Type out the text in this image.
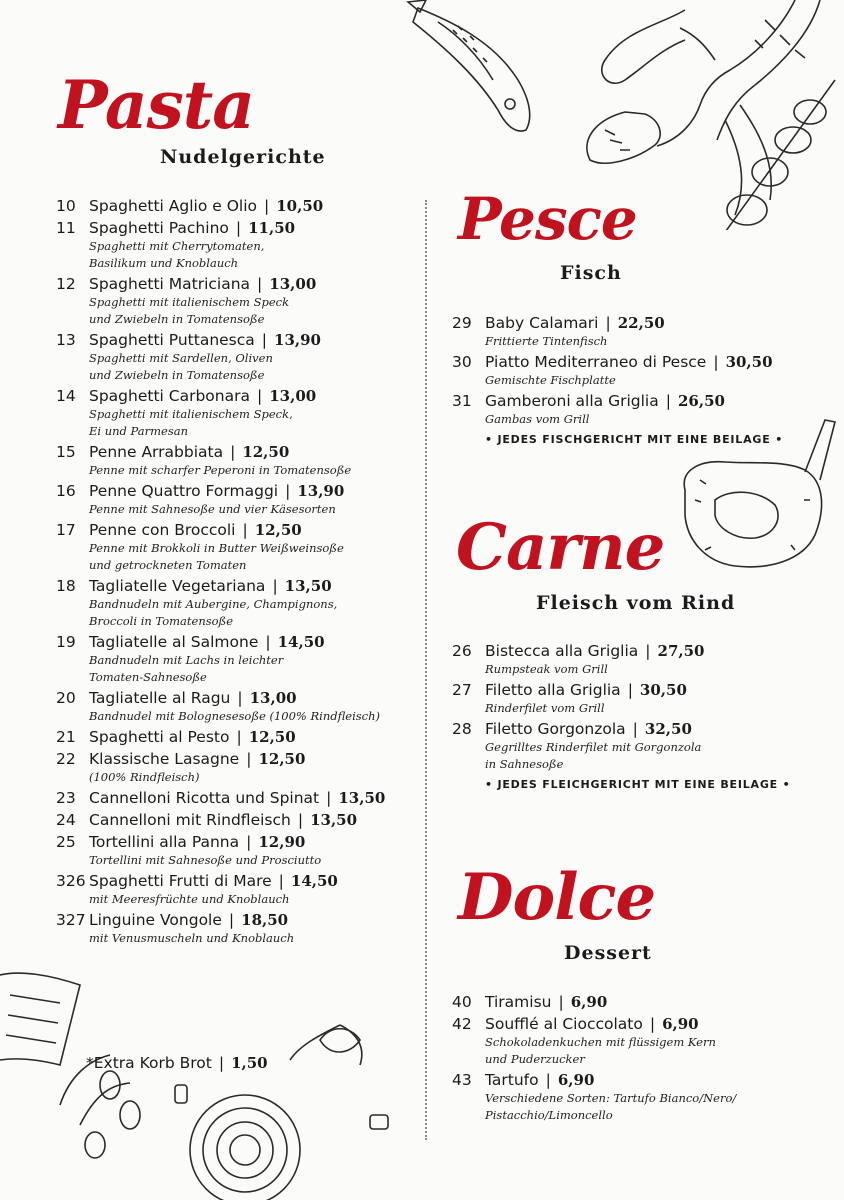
Pasta
Nudelgerichte
10 Spaghetti Aglio e Olio | 10,50
11 Spaghetti Pachino | 11,50
Spaghetti mit Cherrytomaten,
Basilikum und Knoblauch
12 Spaghetti Matriciana | 13,00
Spaghetti mit italienischem Speck
und Zwiebeln in Tomatensoße
13 Spaghetti Puttanesca | 13,90
Spaghetti mit Sardellen, Oliven
und Zwiebeln in Tomatensoße
14 Spaghetti Carbonara | 13,00
Spaghetti mit italienischem Speck,
Ei und Parmesan
15 Penne Arrabbiata | 12,50
Penne mit scharfer Peperoni in Tomatensoße
16 Penne Quattro Formaggi | 13,90
Penne mit Sahnesoße und vier Käsesorten
17 Penne con Broccoli | 12,50
Penne mit Brokkoli in Butter Weißweinsoße
und getrockneten Tomaten
18 Tagliatelle Vegetariana | 13,50
Bandnudeln mit Aubergine, Champignons,
Broccoli in Tomatensoße
19 Tagliatelle al Salmone | 14,50
Bandnudeln mit Lachs in leichter
Tomaten-Sahnesoße
20 Tagliatelle al Ragu | 13,00
Bandnudel mit Bolognesesoße (100% Rindfleisch)
21 Spaghetti al Pesto | 12,50
22 Klassische Lasagne | 12,50
(100% Rindfleisch)
23 Cannelloni Ricotta und Spinat | 13,50
24 Cannelloni mit Rindfleisch | 13,50
25 Tortellini alla Panna | 12,90
Tortellini mit Sahnesoße und Prosciutto
326 Spaghetti Frutti di Mare | 14,50
mit Meeresfrüchte und Knoblauch
327 Linguine Vongole | 18,50
mit Venusmuscheln und Knoblauch
*Extra Korb Brot | 1,50
Pesce
Fisch
29 Baby Calamari | 22,50
Frittierte Tintenfisch
30 Piatto Mediterraneo di Pesce | 30,50
Gemischte Fischplatte
31 Gamberoni alla Griglia | 26,50
Gambas vom Grill
• JEDES FISCHGERICHT MIT EINE BEILAGE •
Carne
Fleisch vom Rind
26 Bistecca alla Griglia | 27,50
Rumpsteak vom Grill
27 Filetto alla Griglia | 30,50
Rinderfilet vom Grill
28 Filetto Gorgonzola | 32,50
Gegrilltes Rinderfilet mit Gorgonzola
in Sahnesoße
• JEDES FLEICHGERICHT MIT EINE BEILAGE •
Dolce
Dessert
40 Tiramisu | 6,90
42 Soufflé al Cioccolato | 6,90
Schokoladenkuchen mit flüssigem Kern
und Puderzucker
43 Tartufo | 6,90
Verschiedene Sorten: Tartufo Bianco/Nero/
Pistacchio/Limoncello
